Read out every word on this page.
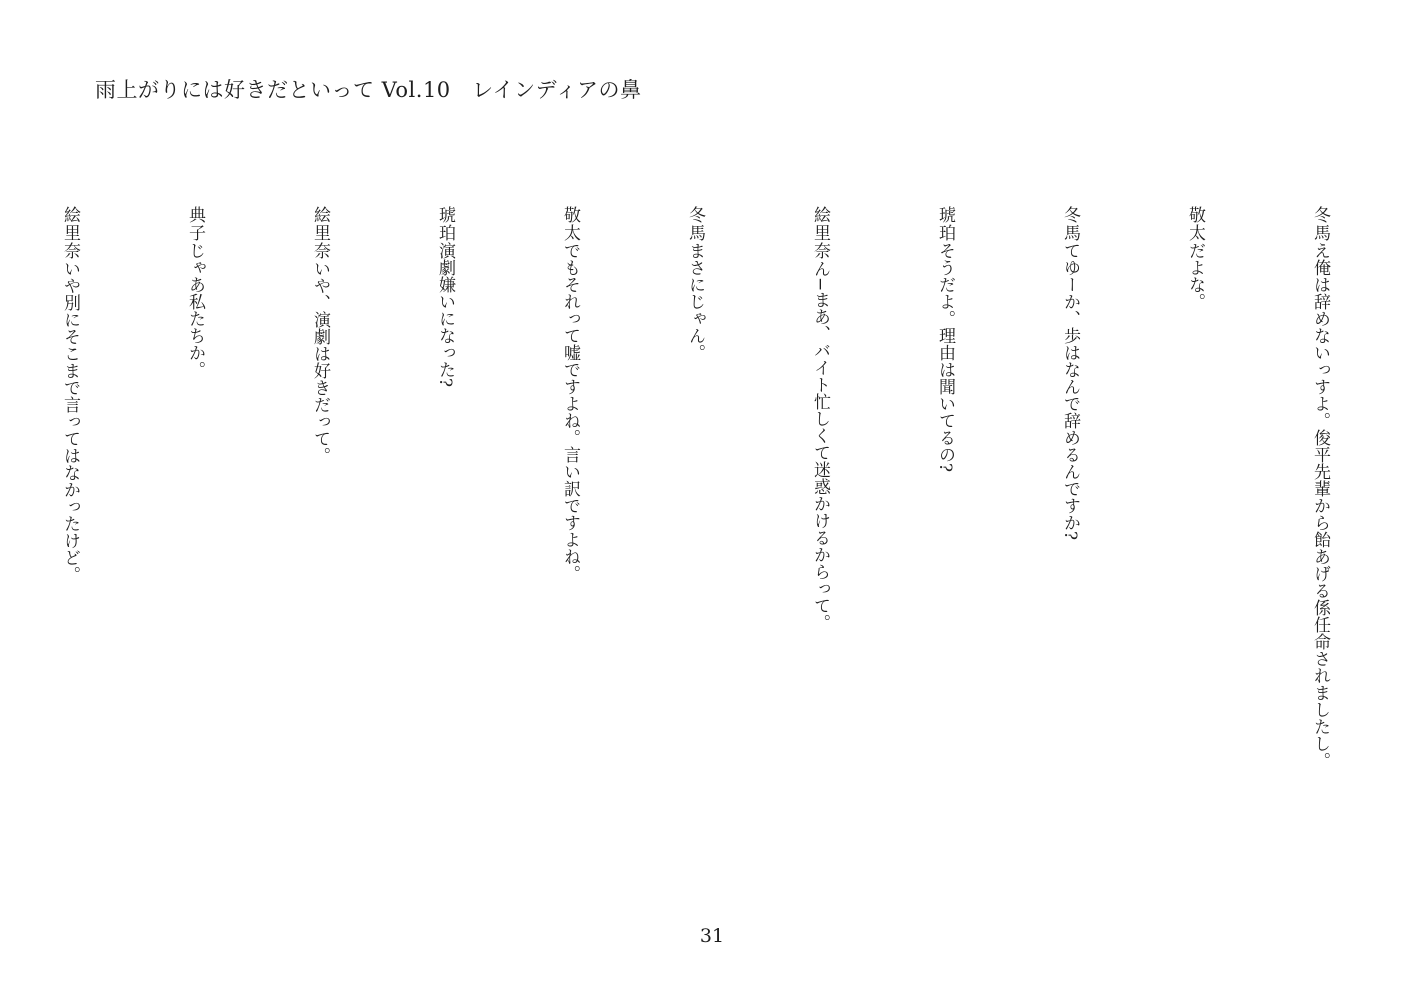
雨上がりには好きだといって Vol.10　レインディアの鼻
冬馬え俺は辞めないっすよ。俊平先輩から飴あげる係任命されましたし。
敬太だよな。
冬馬てゆーか、歩はなんで辞めるんですか?
琥珀そうだよ。理由は聞いてるの?
絵里奈ん−まあ、バイト忙しくて迷惑かけるからって。
冬馬まさにじゃん。
敬太でもそれって嘘ですよね。言い訳ですよね。
琥珀演劇嫌いになった?
絵里奈いや、演劇は好きだって。
典子じゃあ私たちか。
絵里奈いや別にそこまで言ってはなかったけど。
31
